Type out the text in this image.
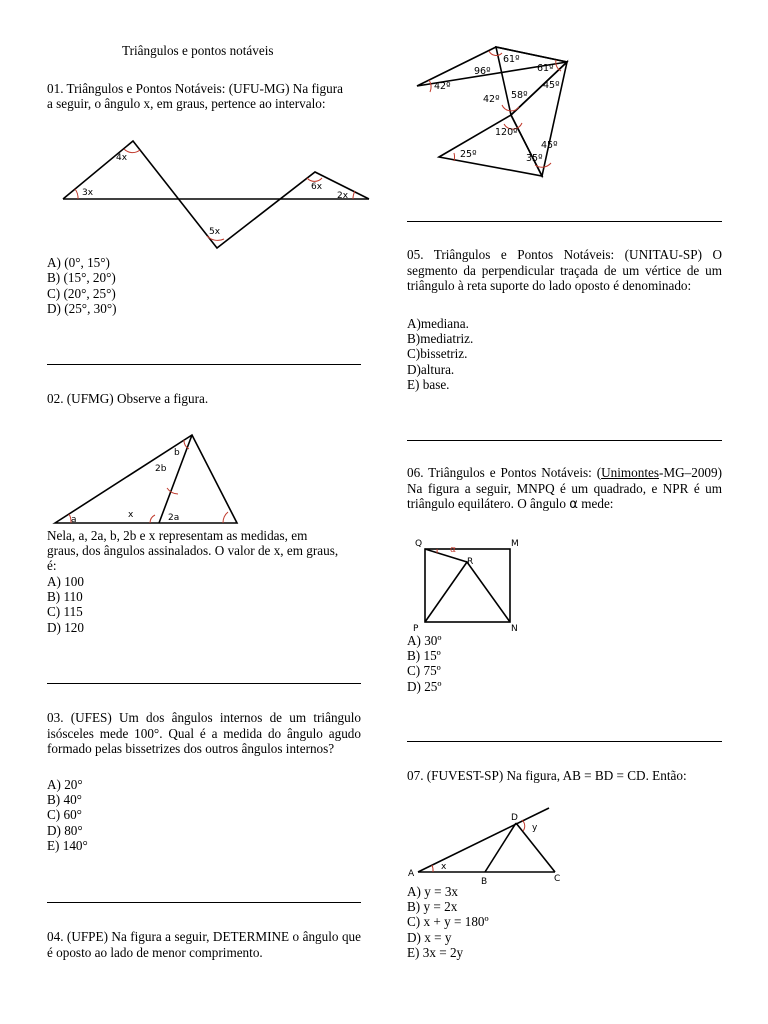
Triângulos e pontos notáveis
01. Triângulos e Pontos Notáveis: (UFU-MG) Na figura
a seguir, o ângulo x, em graus, pertence ao intervalo:
4x
3x
6x
2x
5x
A) (0°, 15°)
B) (15°, 20°)
C) (20°, 25°)
D) (25°, 30°)
02. (UFMG) Observe a figura.
b
2b
a	x	2a
Nela, a, 2a, b, 2b e x representam as medidas, em
graus, dos ângulos assinalados. O valor de x, em graus,
é:
A) 100
B) 110
C) 115
D) 120
03. (UFES) Um dos ângulos internos de um triângulo isósceles mede 100°. Qual é a medida do ângulo agudo formado pelas bissetrizes dos outros ângulos internos?
A) 20°
B) 40°
C) 60°
D) 80°
E) 140°
04. (UFPE) Na figura a seguir, DETERMINE o ângulo que é oposto ao lado de menor comprimento.
96º
61º
61º
42º
42º 58º
45º
120º
45º
25º	35º
05. Triângulos e Pontos Notáveis: (UNITAU-SP) O segmento da perpendicular traçada de um vértice de um triângulo à reta suporte do lado oposto é denominado:
A)mediana.
B)mediatriz.
C)bissetriz.
D)altura.
E) base.
06. Triângulos e Pontos Notáveis: (Unimontes-MG–2009) Na figura a seguir, MNPQ é um quadrado, e NPR é um triângulo equilátero. O ângulo α mede:
α
Q	M
R
P	N
A) 30º
B) 15º
C) 75º
D) 25º
07. (FUVEST-SP) Na figura, AB = BD = CD. Então:
A
B	C
D
x
y
A) y = 3x
B) y = 2x
C) x + y = 180º
D) x = y
E) 3x = 2y
